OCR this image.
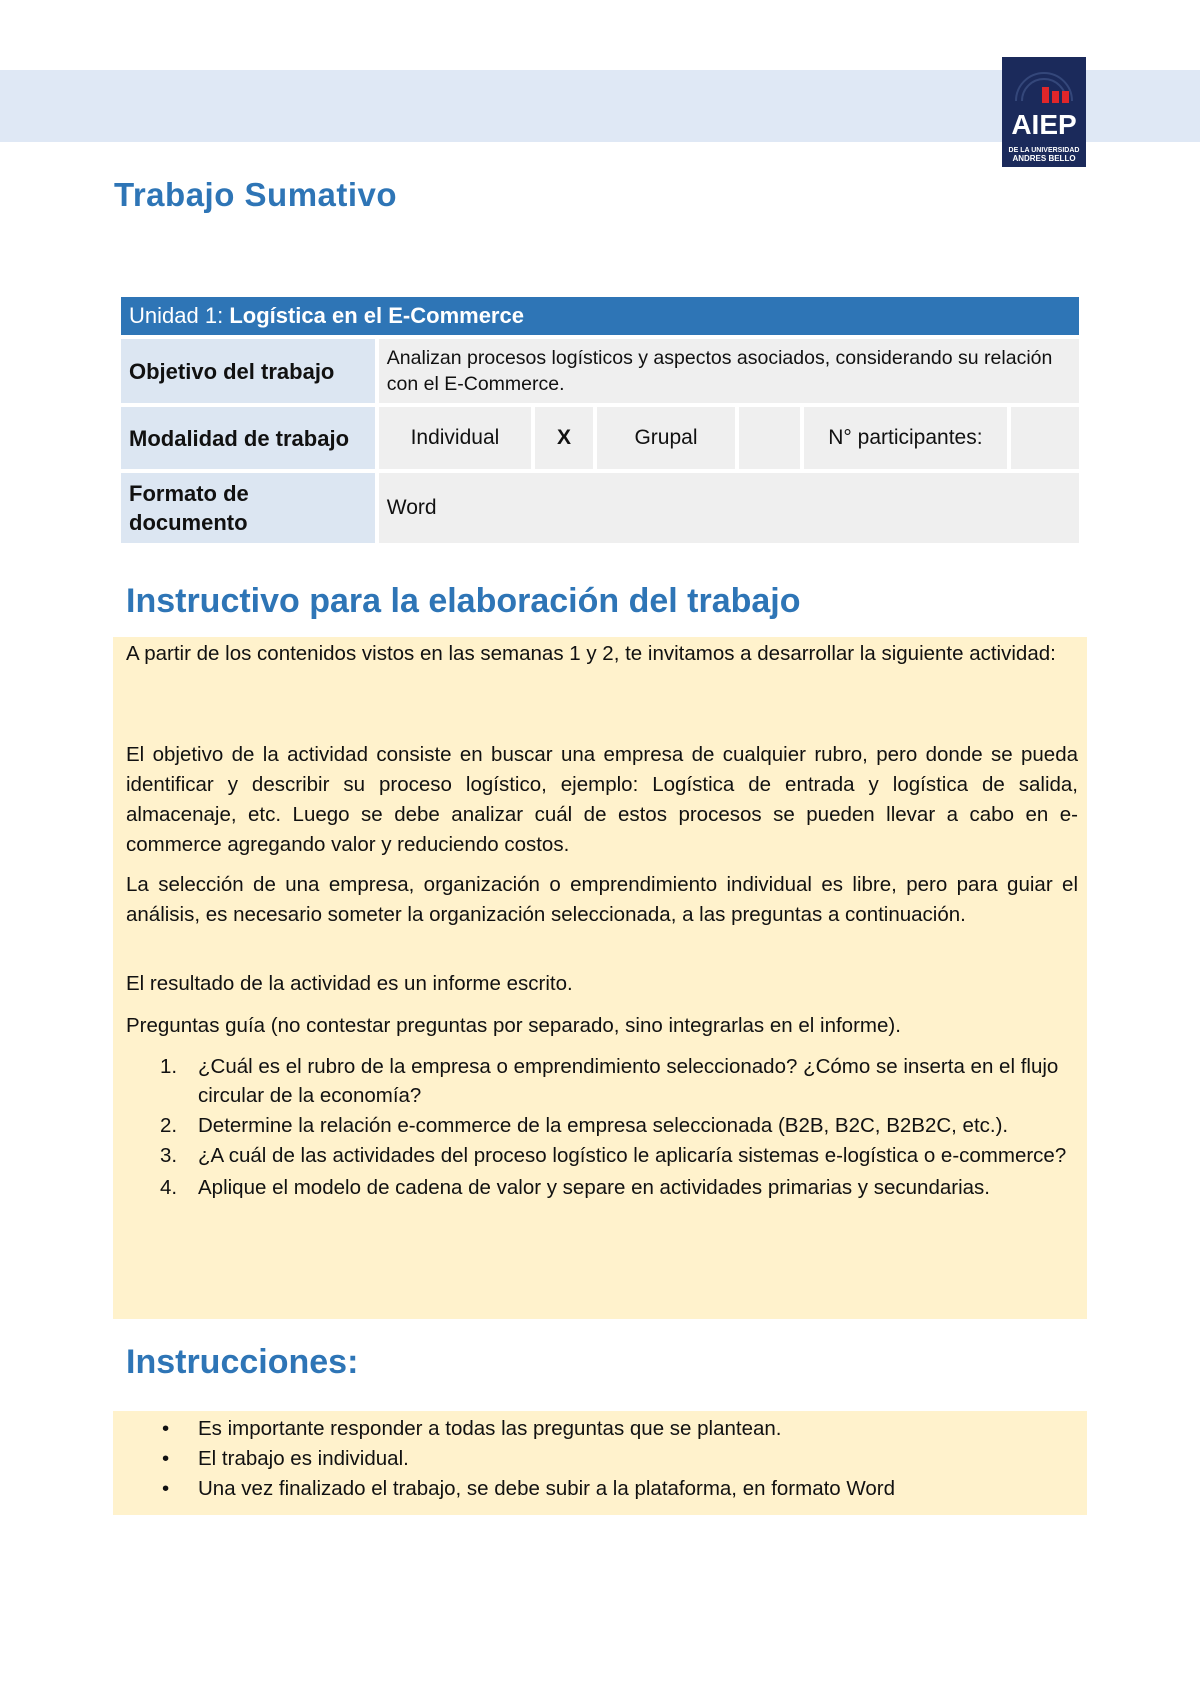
AIEP
DE LA UNIVERSIDAD
ANDRES BELLO
Trabajo Sumativo
Unidad 1: Logística en el E-Commerce						
Objetivo del trabajo	Analizan procesos logísticos y aspectos asociados, considerando su relación con el E-Commerce.					
Modalidad de trabajo	Individual	X	Grupal		N° participantes:	
Formato de documento	Word					
Instructivo para la elaboración del trabajo

A partir de los contenidos vistos en las semanas 1 y 2, te invitamos a desarrollar la siguiente actividad:

El objetivo de la actividad consiste en buscar una empresa de cualquier rubro, pero donde se pueda identificar y describir su proceso logístico, ejemplo: Logística de entrada y logística de salida, almacenaje, etc. Luego se debe analizar cuál de estos procesos se pueden llevar a cabo en e-commerce agregando valor y reduciendo costos.

La selección de una empresa, organización o emprendimiento individual es libre, pero para guiar el análisis, es necesario someter la organización seleccionada, a las preguntas a continuación.

El resultado de la actividad es un informe escrito.

Preguntas guía (no contestar preguntas por separado, sino integrarlas en el informe).

1. ¿Cuál es el rubro de la empresa o emprendimiento seleccionado? ¿Cómo se inserta en el flujo circular de la economía?
2. Determine la relación e-commerce de la empresa seleccionada (B2B, B2C, B2B2C, etc.).
3. ¿A cuál de las actividades del proceso logístico le aplicaría sistemas e-logística o e-commerce?
4. Aplique el modelo de cadena de valor y separe en actividades primarias y secundarias.
Instrucciones:
• Es importante responder a todas las preguntas que se plantean.
• El trabajo es individual.
• Una vez finalizado el trabajo, se debe subir a la plataforma, en formato Word
